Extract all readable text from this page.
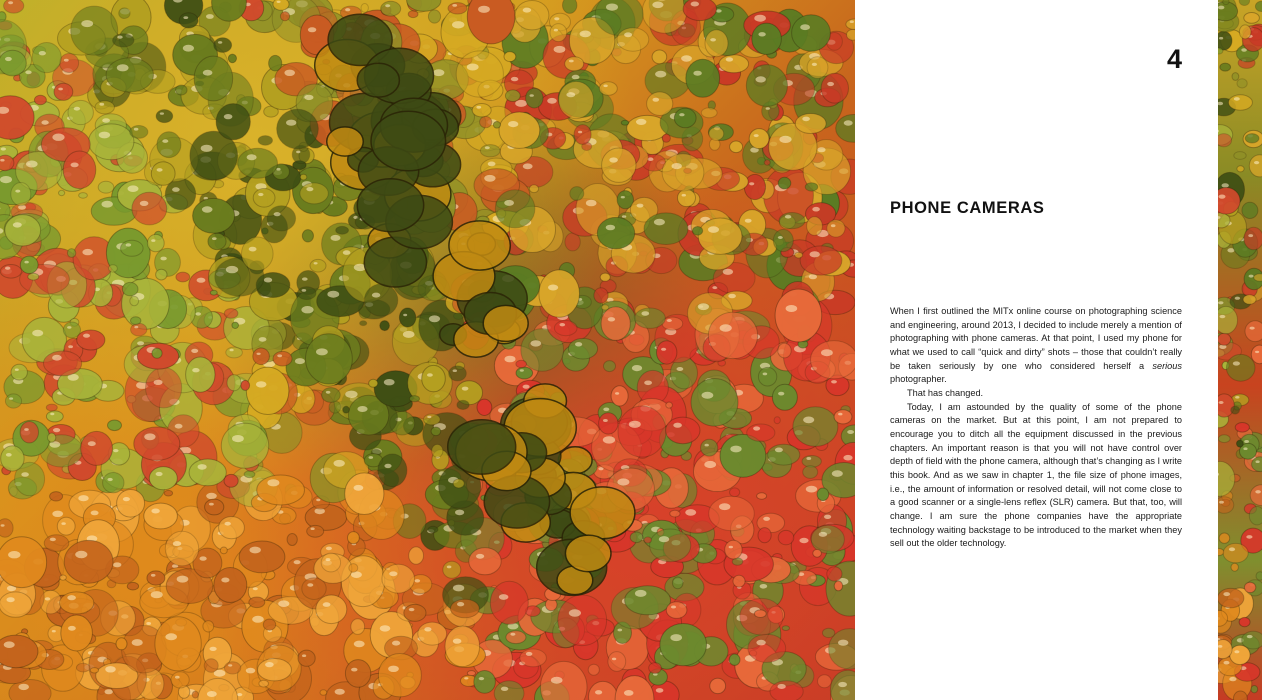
4
PHONE CAMERAS

When I first outlined the MITx online course on photographing science and engineering, around 2013, I decided to include merely a mention of photographing with phone cameras. At that point, I used my phone for what we used to call “quick and dirty” shots – those that couldn’t really be taken seriously by one who considered herself a serious photographer.

That has changed.

Today, I am astounded by the quality of some of the phone cameras on the market. But at this point, I am not prepared to encourage you to ditch all the equipment discussed in the previous chapters. An important reason is that you will not have control over depth of field with the phone camera, although that’s changing as I write this book. And as we saw in chapter 1, the file size of phone images, i.e., the amount of information or resolved detail, will not come close to a good scanner or a single-lens reflex (SLR) camera. But that, too, will change. I am sure the phone companies have the appropriate technology waiting backstage to be introduced to the market when they sell out the older technology.
